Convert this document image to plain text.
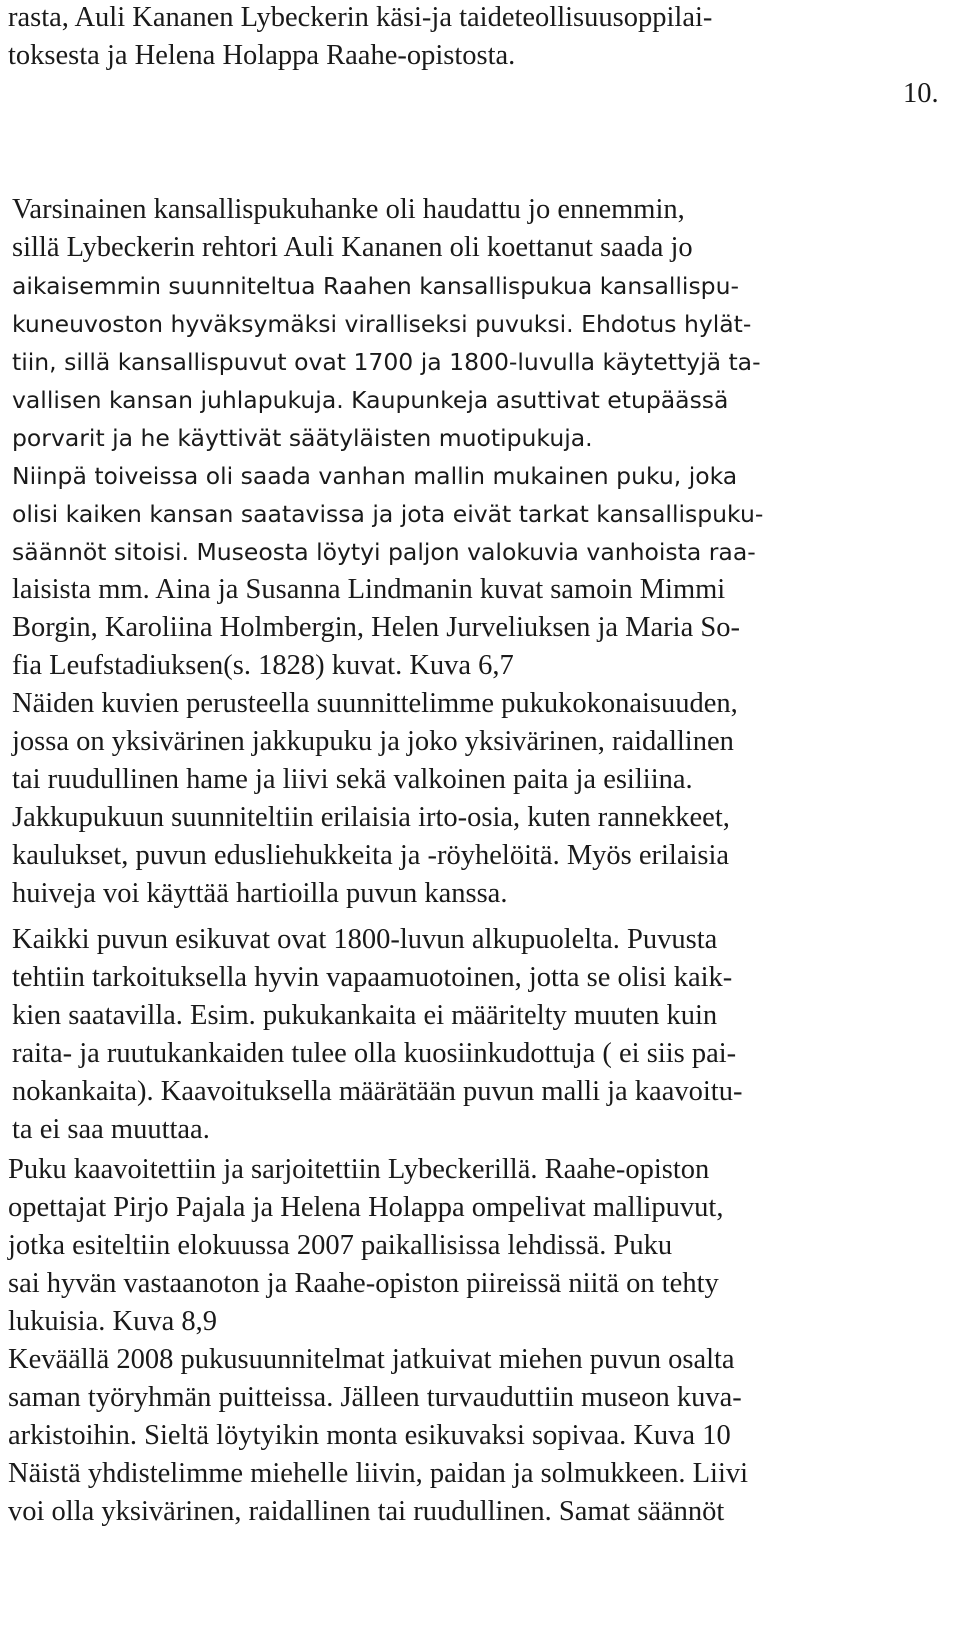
rasta, Auli Kananen Lybeckerin käsi-ja taideteollisuusoppilai-
toksesta ja Helena Holappa Raahe-opistosta.
10.
Varsinainen kansallispukuhanke oli haudattu jo ennemmin,
sillä Lybeckerin rehtori Auli Kananen oli koettanut saada jo
aikaisemmin suunniteltua Raahen kansallispukua kansallispu-
kuneuvoston hyväksymäksi viralliseksi puvuksi. Ehdotus hylät-
tiin, sillä kansallispuvut ovat 1700 ja 1800-luvulla käytettyjä ta-
vallisen kansan juhlapukuja. Kaupunkeja asuttivat etupäässä
porvarit ja he käyttivät säätyläisten muotipukuja.
Niinpä toiveissa oli saada vanhan mallin mukainen puku, joka
olisi kaiken kansan saatavissa ja jota eivät tarkat kansallispuku-
säännöt sitoisi. Museosta löytyi paljon valokuvia vanhoista raa-
laisista mm. Aina ja Susanna Lindmanin kuvat samoin Mimmi
Borgin, Karoliina Holmbergin, Helen Jurveliuksen ja Maria So-
fia Leufstadiuksen(s. 1828) kuvat. Kuva 6,7
Näiden kuvien perusteella suunnittelimme pukukokonaisuuden,
jossa on yksivärinen jakkupuku ja joko yksivärinen, raidallinen
tai ruudullinen hame ja liivi sekä valkoinen paita ja esiliina.
Jakkupukuun suunniteltiin erilaisia irto-osia, kuten rannekkeet,
kaulukset, puvun edusliehukkeita ja -röyhelöitä. Myös erilaisia
huiveja voi käyttää hartioilla puvun kanssa.
Kaikki puvun esikuvat ovat 1800-luvun alkupuolelta. Puvusta
tehtiin tarkoituksella hyvin vapaamuotoinen, jotta se olisi kaik-
kien saatavilla. Esim. pukukankaita ei määritelty muuten kuin
raita- ja ruutukankaiden tulee olla kuosiinkudottuja ( ei siis pai-
nokankaita). Kaavoituksella määrätään puvun malli ja kaavoitu-
ta ei saa muuttaa.
Puku kaavoitettiin ja sarjoitettiin Lybeckerillä. Raahe-opiston
opettajat Pirjo Pajala ja Helena Holappa ompelivat mallipuvut,
jotka esiteltiin elokuussa 2007 paikallisissa lehdissä. Puku
sai hyvän vastaanoton ja Raahe-opiston piireissä niitä on tehty
lukuisia. Kuva 8,9
Keväällä 2008 pukusuunnitelmat jatkuivat miehen puvun osalta
saman työryhmän puitteissa. Jälleen turvauduttiin museon kuva-
arkistoihin. Sieltä löytyikin monta esikuvaksi sopivaa. Kuva 10
Näistä yhdistelimme miehelle liivin, paidan ja solmukkeen. Liivi
voi olla yksivärinen, raidallinen tai ruudullinen. Samat säännöt
